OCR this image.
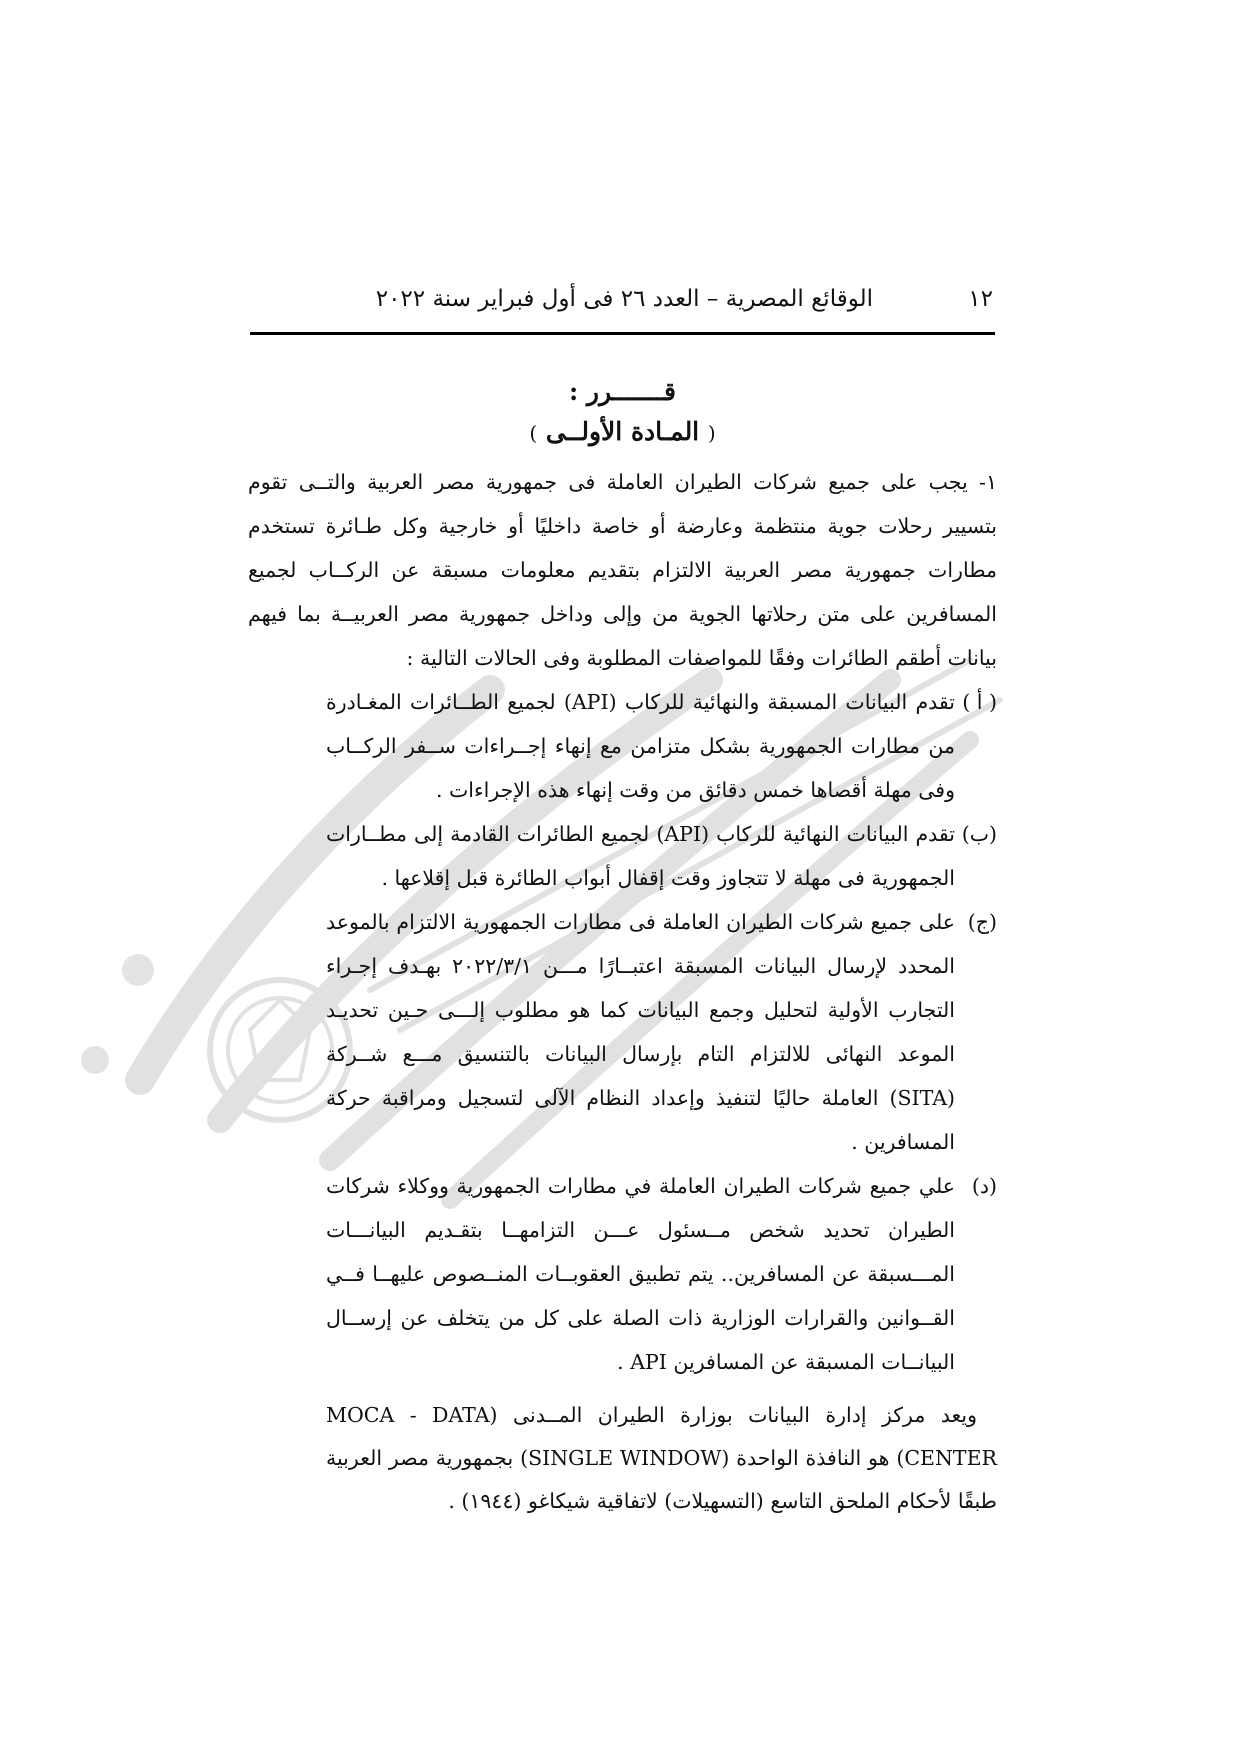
١٢
الوقائع المصرية – العدد ٢٦ فى أول فبراير سنة ٢٠٢٢
قـــــــرر :
( المـادة الأولــى )

١- يجب على جميع شركات الطيران العاملة فى جمهورية مصر العربية والتــى تقوم بتسيير رحلات جوية منتظمة وعارضة أو خاصة داخليًا أو خارجية وكل طـائرة تستخدم مطارات جمهورية مصر العربية الالتزام بتقديم معلومات مسبقة عن الركــاب لجميع المسافرين على متن رحلاتها الجوية من وإلى وداخل جمهورية مصر العربيــة بما فيهم بيانات أطقم الطائرات وفقًا للمواصفات المطلوبة وفى الحالات التالية :

( أ )
تقدم البيانات المسبقة والنهائية للركاب (API) لجميع الطــائرات المغـادرة من مطارات الجمهورية بشكل متزامن مع إنهاء إجــراءات ســفر الركــاب وفى مهلة أقصاها خمس دقائق من وقت إنهاء هذه الإجراءات .
(ب)
تقدم البيانات النهائية للركاب (API) لجميع الطائرات القادمة إلى مطــارات الجمهورية فى مهلة لا تتجاوز وقت إقفال أبواب الطائرة قبل إقلاعها .
(ج)
على جميع شركات الطيران العاملة فى مطارات الجمهورية الالتزام بالموعد المحدد لإرسال البيانات المسبقة اعتبــارًا مـــن ٢٠٢٢/٣/١ بهـدف إجـراء التجارب الأولية لتحليل وجمع البيانات كما هو مطلوب إلـــى حـين تحديـد الموعد النهائى للالتزام التام بإرسال البيانات بالتنسيق مـــع شــركة (SITA) العاملة حاليًا لتنفيذ وإعداد النظام الآلى لتسجيل ومراقبة حركة المسافرين .
(د)
علي جميع شركات الطيران العاملة في مطارات الجمهورية ووكلاء شركات الطيران تحديد شخص مــسئول عـــن التزامهــا بتقـديم البيانـــات المـــسبقة عن المسافرين.. يتم تطبيق العقوبــات المنــصوص عليهــا فــي القــوانين والقرارات الوزارية ذات الصلة على كل من يتخلف عن إرســال البيانــات المسبقة عن المسافرين API .

ويعد مركز إدارة البيانات بوزارة الطيران المــدنى (MOCA - DATA CENTER) هو النافذة الواحدة (SINGLE WINDOW) بجمهورية مصر العربية طبقًا لأحكام الملحق التاسع (التسهيلات) لاتفاقية شيكاغو (١٩٤٤) .
